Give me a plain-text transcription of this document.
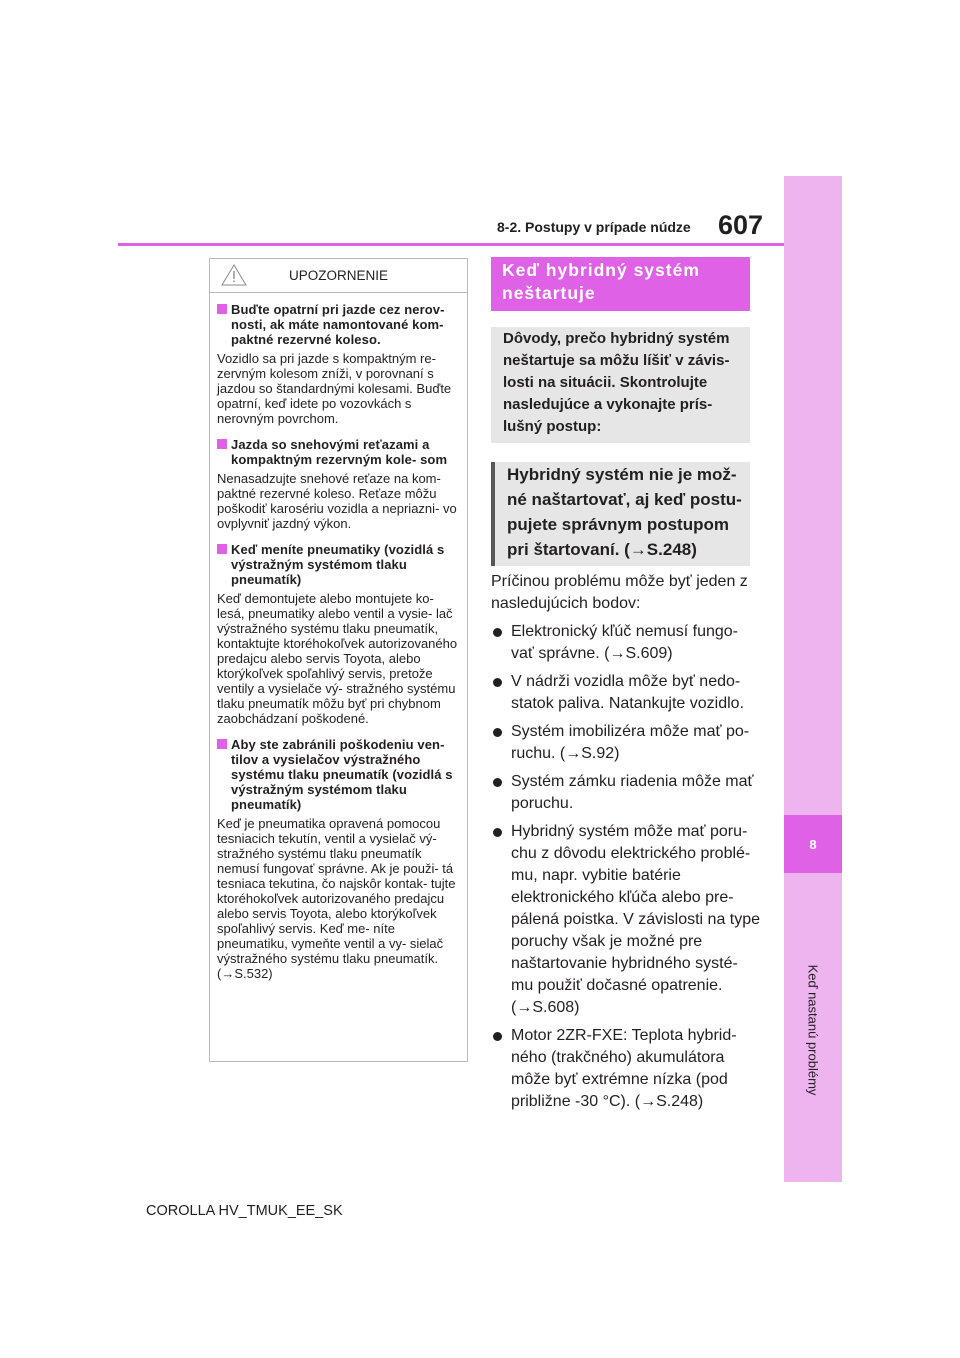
8
Keď nastanú problémy
8-2. Postupy v prípade núdze 607
UPOZORNENIE
Buďte opatrní pri jazde cez nerov- nosti, ak máte namontované kom- paktné rezervné koleso.
Vozidlo sa pri jazde s kompaktným re- zervným kolesom zníži, v porovnaní s jazdou so štandardnými kolesami. Buďte opatrní, keď idete po vozovkách s nerovným povrchom.
Jazda so snehovými reťazami a kompaktným rezervným kole- som
Nenasadzujte snehové reťaze na kom- paktné rezervné koleso. Reťaze môžu poškodiť karosériu vozidla a nepriazni- vo ovplyvniť jazdný výkon.
Keď meníte pneumatiky (vozidlá s výstražným systémom tlaku pneumatík)
Keď demontujete alebo montujete ko- lesá, pneumatiky alebo ventil a vysie- lač výstražného systému tlaku pneumatík, kontaktujte ktoréhokoľvek autorizovaného predajcu alebo servis Toyota, alebo ktorýkoľvek spoľahlivý servis, pretože ventily a vysielače vý- stražného systému tlaku pneumatík môžu byť pri chybnom zaobchádzaní poškodené.
Aby ste zabránili poškodeniu ven- tilov a vysielačov výstražného systému tlaku pneumatík (vozidlá s výstražným systémom tlaku pneumatík)
Keď je pneumatika opravená pomocou tesniacich tekutín, ventil a vysielač vý- stražného systému tlaku pneumatík nemusí fungovať správne. Ak je použi- tá tesniaca tekutina, čo najskôr kontak- tujte ktoréhokoľvek autorizovaného predajcu alebo servis Toyota, alebo ktorýkoľvek spoľahlivý servis. Keď me- níte pneumatiku, vymeňte ventil a vy- sielač výstražného systému tlaku pneumatík. (→S.532)
Keď hybridný systém neštartuje
Dôvody, prečo hybridný systém neštartuje sa môžu líšiť v závis- losti na situácii. Skontrolujte nasledujúce a vykonajte prís- lušný postup:
Hybridný systém nie je mož- né naštartovať, aj keď postu- pujete správnym postupom pri štartovaní. (→S.248)
Príčinou problému môže byť jeden z nasledujúcich bodov:
Elektronický kľúč nemusí fungo- vať správne. (→S.609)
V nádrži vozidla môže byť nedo- statok paliva. Natankujte vozidlo.
Systém imobilizéra môže mať po- ruchu. (→S.92)
Systém zámku riadenia môže mať poruchu.
Hybridný systém môže mať poru- chu z dôvodu elektrického problé- mu, napr. vybitie batérie elektronického kľúča alebo pre- pálená poistka. V závislosti na type poruchy však je možné pre naštartovanie hybridného systé- mu použiť dočasné opatrenie. (→S.608)
Motor 2ZR-FXE: Teplota hybrid- ného (trakčného) akumulátora môže byť extrémne nízka (pod približne -30 °C). (→S.248)
COROLLA HV_TMUK_EE_SK
